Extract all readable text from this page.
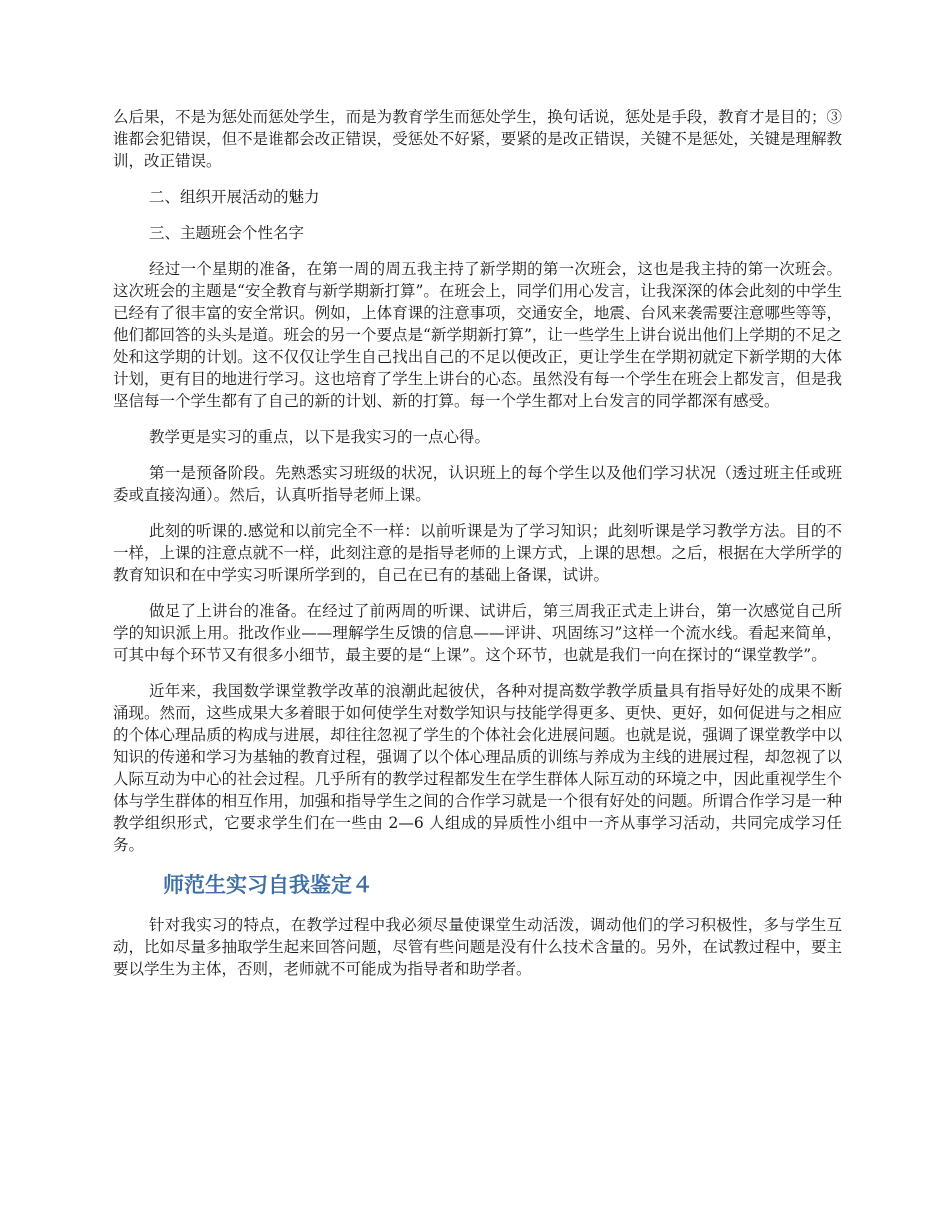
么后果，不是为惩处而惩处学生，而是为教育学生而惩处学生，换句话说，惩处是手段，教育才是目的；③谁都会犯错误，但不是谁都会改正错误，受惩处不好紧，要紧的是改正错误，关键不是惩处，关键是理解教训，改正错误。

二、组织开展活动的魅力

三、主题班会个性名字

经过一个星期的准备，在第一周的周五我主持了新学期的第一次班会，这也是我主持的第一次班会。这次班会的主题是“安全教育与新学期新打算”。在班会上，同学们用心发言，让我深深的体会此刻的中学生已经有了很丰富的安全常识。例如，上体育课的注意事项，交通安全，地震、台风来袭需要注意哪些等等，他们都回答的头头是道。班会的另一个要点是“新学期新打算”，让一些学生上讲台说出他们上学期的不足之处和这学期的计划。这不仅仅让学生自己找出自己的不足以便改正，更让学生在学期初就定下新学期的大体计划，更有目的地进行学习。这也培育了学生上讲台的心态。虽然没有每一个学生在班会上都发言，但是我坚信每一个学生都有了自己的新的计划、新的打算。每一个学生都对上台发言的同学都深有感受。

教学更是实习的重点，以下是我实习的一点心得。

第一是预备阶段。先熟悉实习班级的状况，认识班上的每个学生以及他们学习状况（透过班主任或班委或直接沟通）。然后，认真听指导老师上课。

此刻的听课的.感觉和以前完全不一样：以前听课是为了学习知识；此刻听课是学习教学方法。目的不一样，上课的注意点就不一样，此刻注意的是指导老师的上课方式，上课的思想。之后，根据在大学所学的教育知识和在中学实习听课所学到的，自己在已有的基础上备课，试讲。

做足了上讲台的准备。在经过了前两周的听课、试讲后，第三周我正式走上讲台，第一次感觉自己所学的知识派上用。批改作业——理解学生反馈的信息——评讲、巩固练习”这样一个流水线。看起来简单，可其中每个环节又有很多小细节，最主要的是“上课”。这个环节，也就是我们一向在探讨的“课堂教学”。

近年来，我国数学课堂教学改革的浪潮此起彼伏，各种对提高数学教学质量具有指导好处的成果不断涌现。然而，这些成果大多着眼于如何使学生对数学知识与技能学得更多、更快、更好，如何促进与之相应的个体心理品质的构成与进展，却往往忽视了学生的个体社会化进展问题。也就是说，强调了课堂教学中以知识的传递和学习为基轴的教育过程，强调了以个体心理品质的训练与养成为主线的进展过程，却忽视了以人际互动为中心的社会过程。几乎所有的教学过程都发生在学生群体人际互动的环境之中，因此重视学生个体与学生群体的相互作用，加强和指导学生之间的合作学习就是一个很有好处的问题。所谓合作学习是一种教学组织形式，它要求学生们在一些由 2—6 人组成的异质性小组中一齐从事学习活动，共同完成学习任务。

师范生实习自我鉴定４

针对我实习的特点，在教学过程中我必须尽量使课堂生动活泼，调动他们的学习积极性，多与学生互动，比如尽量多抽取学生起来回答问题，尽管有些问题是没有什么技术含量的。另外，在试教过程中，要主要以学生为主体，否则，老师就不可能成为指导者和助学者。
